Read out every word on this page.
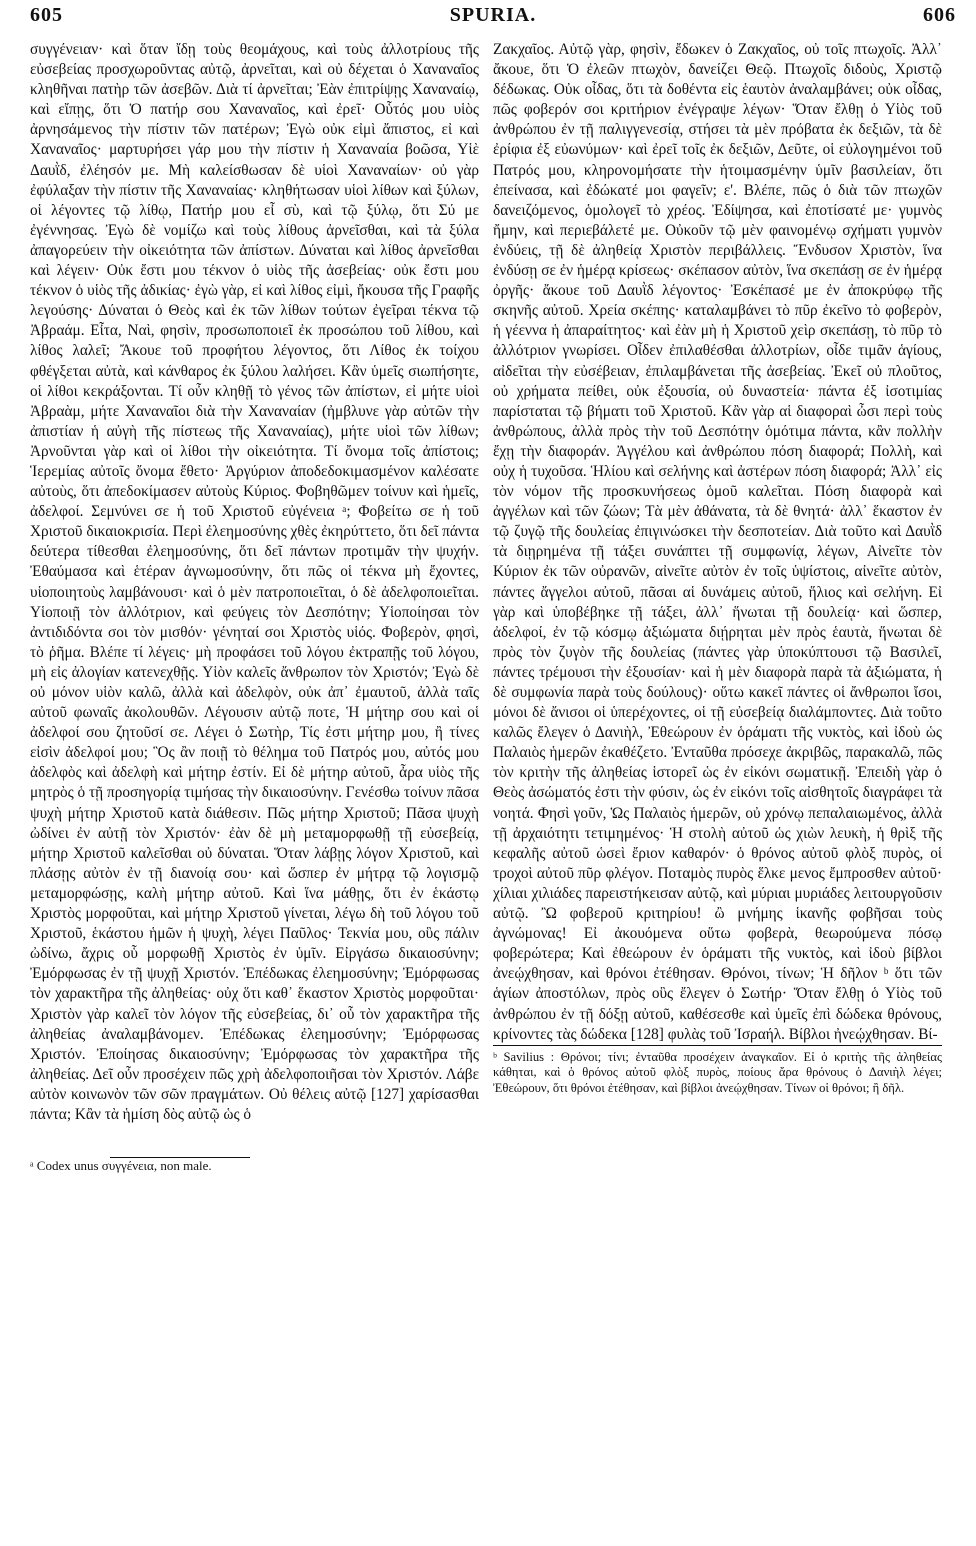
605	SPURIA.	606

συγγένειαν· καὶ ὅταν ἴδῃ τοὺς θεομάχους, καὶ τοὺς ἀλλοτρίους τῆς εὐσεβείας προσχωροῦντας αὐτῷ, ἀρνεῖται, καὶ οὐ δέχεται ὁ Χαναναῖος κληθῆναι πατὴρ τῶν ἀσεβῶν. Διὰ τί ἀρνεῖται; Ἐὰν ἐπιτρίψῃς Χαναναίῳ, καὶ εἴπῃς, ὅτι Ὁ πατήρ σου Χαναναῖος, καὶ ἐρεῖ· Οὗτός μου υἱὸς ἀρνησάμενος τὴν πίστιν τῶν πατέρων; Ἐγὼ οὐκ εἰμὶ ἄπιστος, εἰ καὶ Χαναναῖος· μαρτυρήσει γάρ μου τὴν πίστιν ἡ Χαναναία βοῶσα, Υἱὲ Δαυῒδ, ἐλέησόν με. Μὴ καλείσθωσαν δὲ υἱοὶ Χαναναίων· οὐ γὰρ ἐφύλαξαν τὴν πίστιν τῆς Χαναναίας· κληθήτωσαν υἱοὶ λίθων καὶ ξύλων, οἱ λέγοντες τῷ λίθῳ, Πατήρ μου εἶ σὺ, καὶ τῷ ξύλῳ, ὅτι Σύ με ἐγέννησας. Ἐγὼ δὲ νομίζω καὶ τοὺς λίθους ἀρνεῖσθαι, καὶ τὰ ξύλα ἀπαγορεύειν τὴν οἰκειότητα τῶν ἀπίστων. Δύναται καὶ λίθος ἀρνεῖσθαι καὶ λέγειν· Οὐκ ἔστι μου τέκνον ὁ υἱὸς τῆς ἀσεβείας· οὐκ ἔστι μου τέκνον ὁ υἱὸς τῆς ἀδικίας· ἐγὼ γὰρ, εἰ καὶ λίθος εἰμὶ, ἤκουσα τῆς Γραφῆς λεγούσης· Δύναται ὁ Θεὸς καὶ ἐκ τῶν λίθων τούτων ἐγεῖραι τέκνα τῷ Ἀβραάμ. Εἶτα, Ναὶ, φησὶν, προσωποποιεῖ ἐκ προσώπου τοῦ λίθου, καὶ λίθος λαλεῖ; Ἄκουε τοῦ προφήτου λέγοντος, ὅτι Λίθος ἐκ τοίχου φθέγξεται αὐτὰ, καὶ κάνθαρος ἐκ ξύλου λαλήσει. Κἂν ὑμεῖς σιωπήσητε, οἱ λίθοι κεκράξονται. Τί οὖν κληθῇ τὸ γένος τῶν ἀπίστων, εἰ μήτε υἱοὶ Ἀβραὰμ, μήτε Χαναναῖοι διὰ τὴν Χαναναίαν (ἠμβλυνε γὰρ αὐτῶν τὴν ἀπιστίαν ἡ αὐγὴ τῆς πίστεως τῆς Χαναναίας), μήτε υἱοὶ τῶν λίθων; Ἀρνοῦνται γὰρ καὶ οἱ λίθοι τὴν οἰκειότητα. Τί ὄνομα τοῖς ἀπίστοις; Ἱερεμίας αὐτοῖς ὄνομα ἔθετο· Ἀργύριον ἀποδεδοκιμασμένον καλέσατε αὐτοὺς, ὅτι ἀπεδοκίμασεν αὐτοὺς Κύριος. Φοβηθῶμεν τοίνυν καὶ ἡμεῖς, ἀδελφοί. Σεμνύνει σε ἡ τοῦ Χριστοῦ εὐγένεια ᵃ; Φοβείτω σε ἡ τοῦ Χριστοῦ δικαιοκρισία. Περὶ ἐλεημοσύνης χθὲς ἐκηρύττετο, ὅτι δεῖ πάντα δεύτερα τίθεσθαι ἐλεημοσύνης, ὅτι δεῖ πάντων προτιμᾶν τὴν ψυχήν. Ἐθαύμασα καὶ ἑτέραν ἀγνωμοσύνην, ὅτι πῶς οἱ τέκνα μὴ ἔχοντες, υἱοποιητοὺς λαμβάνουσι· καὶ ὁ μὲν πατροποιεῖται, ὁ δὲ ἀδελφοποιεῖται. Υἱοποιῇ τὸν ἀλλότριον, καὶ φεύγεις τὸν Δεσπότην; Υἱοποίησαι τὸν ἀντιδιδόντα σοι τὸν μισθόν· γένηταί σοι Χριστὸς υἱός. Φοβερὸν, φησὶ, τὸ ῥῆμα. Βλέπε τί λέγεις· μὴ προφάσει τοῦ λόγου ἐκτραπῇς τοῦ λόγου, μὴ εἰς ἀλογίαν κατενεχθῇς. Υἱὸν καλεῖς ἄνθρωπον τὸν Χριστόν; Ἐγὼ δὲ οὐ μόνον υἱὸν καλῶ, ἀλλὰ καὶ ἀδελφὸν, οὐκ ἀπ᾽ ἐμαυτοῦ, ἀλλὰ ταῖς αὐτοῦ φωναῖς ἀκολουθῶν. Λέγουσιν αὐτῷ ποτε, Ἡ μήτηρ σου καὶ οἱ ἀδελφοί σου ζητοῦσί σε. Λέγει ὁ Σωτὴρ, Τίς ἐστι μήτηρ μου, ἢ τίνες εἰσὶν ἀδελφοί μου; Ὃς ἂν ποιῇ τὸ θέλημα τοῦ Πατρός μου, αὐτός μου ἀδελφὸς καὶ ἀδελφὴ καὶ μήτηρ ἐστίν. Εἰ δὲ μήτηρ αὐτοῦ, ἆρα υἱὸς τῆς μητρὸς ὁ τῇ προσηγορίᾳ τιμήσας τὴν δικαιοσύνην. Γενέσθω τοίνυν πᾶσα ψυχὴ μήτηρ Χριστοῦ κατὰ διάθεσιν. Πῶς μήτηρ Χριστοῦ; Πᾶσα ψυχὴ ὠδίνει ἐν αὐτῇ τὸν Χριστόν· ἐὰν δὲ μὴ μεταμορφωθῇ τῇ εὐσεβείᾳ, μήτηρ Χριστοῦ καλεῖσθαι οὐ δύναται. Ὅταν λάβῃς λόγον Χριστοῦ, καὶ πλάσῃς αὐτὸν ἐν τῇ διανοίᾳ σου· καὶ ὥσπερ ἐν μήτρᾳ τῷ λογισμῷ μεταμορφώσῃς, καλὴ μήτηρ αὐτοῦ. Καὶ ἵνα μάθῃς, ὅτι ἐν ἑκάστῳ Χριστὸς μορφοῦται, καὶ μήτηρ Χριστοῦ γίνεται, λέγω δὴ τοῦ λόγου τοῦ Χριστοῦ, ἑκάστου ἡμῶν ἡ ψυχὴ, λέγει Παῦλος· Τεκνία μου, οὓς πάλιν ὠδίνω, ἄχρις οὗ μορφωθῇ Χριστὸς ἐν ὑμῖν. Εἰργάσω δικαιοσύνην; Ἐμόρφωσας ἐν τῇ ψυχῇ Χριστόν. Ἐπέδωκας ἐλεημοσύνην; Ἐμόρφωσας τὸν χαρακτῆρα τῆς ἀληθείας· οὐχ ὅτι καθ᾽ ἕκαστον Χριστὸς μορφοῦται· Χριστὸν γὰρ καλεῖ τὸν λόγον τῆς εὐσεβείας, δι᾽ οὗ τὸν χαρακτῆρα τῆς ἀληθείας ἀναλαμβάνομεν. Ἐπέδωκας ἐλεημοσύνην; Ἐμόρφωσας Χριστόν. Ἐποίησας δικαιοσύνην; Ἐμόρφωσας τὸν χαρακτῆρα τῆς ἀληθείας. Δεῖ οὖν προσέχειν πῶς χρὴ ἀδελφοποιῆσαι τὸν Χριστόν. Λάβε αὐτὸν κοινωνὸν τῶν σῶν πραγμάτων. Οὐ θέλεις αὐτῷ [127] χαρίσασθαι πάντα; Κἂν τὰ ἡμίση δὸς αὐτῷ ὡς ὁ

ᵃ Codex unus συγγένεια, non male.

Ζακχαῖος. Αὐτῷ γὰρ, φησὶν, ἔδωκεν ὁ Ζακχαῖος, οὐ τοῖς πτωχοῖς. Ἀλλ᾽ ἄκουε, ὅτι Ὁ ἐλεῶν πτωχὸν, δανείζει Θεῷ. Πτωχοῖς διδοὺς, Χριστῷ δέδωκας. Οὐκ οἶδας, ὅτι τὰ δοθέντα εἰς ἑαυτὸν ἀναλαμβάνει; οὐκ οἶδας, πῶς φοβερόν σοι κριτήριον ἐνέγραψε λέγων· Ὅταν ἔλθῃ ὁ Υἱὸς τοῦ ἀνθρώπου ἐν τῇ παλιγγενεσίᾳ, στήσει τὰ μὲν πρόβατα ἐκ δεξιῶν, τὰ δὲ ἐρίφια ἐξ εὐωνύμων· καὶ ἐρεῖ τοῖς ἐκ δεξιῶν, Δεῦτε, οἱ εὐλογημένοι τοῦ Πατρός μου, κληρονομήσατε τὴν ἡτοιμασμένην ὑμῖν βασιλείαν, ὅτι ἐπείνασα, καὶ ἐδώκατέ μοι φαγεῖν; ε'. Βλέπε, πῶς ὁ διὰ τῶν πτωχῶν δανειζόμενος, ὁμολογεῖ τὸ χρέος. Ἐδίψησα, καὶ ἐποτίσατέ με· γυμνὸς ἤμην, καὶ περιεβάλετέ με. Οὐκοῦν τῷ μὲν φαινομένῳ σχήματι γυμνὸν ἐνδύεις, τῇ δὲ ἀληθείᾳ Χριστὸν περιβάλλεις. Ἔνδυσον Χριστὸν, ἵνα ἐνδύσῃ σε ἐν ἡμέρᾳ κρίσεως· σκέπασον αὐτὸν, ἵνα σκεπάσῃ σε ἐν ἡμέρᾳ ὀργῆς· ἄκουε τοῦ Δαυῒδ λέγοντος· Ἐσκέπασέ με ἐν ἀποκρύφῳ τῆς σκηνῆς αὐτοῦ. Χρεία σκέπης· καταλαμβάνει τὸ πῦρ ἐκεῖνο τὸ φοβερὸν, ἡ γέεννα ἡ ἀπαραίτητος· καὶ ἐὰν μὴ ἡ Χριστοῦ χεὶρ σκεπάσῃ, τὸ πῦρ τὸ ἀλλότριον γνωρίσει. Οἶδεν ἐπιλαθέσθαι ἀλλοτρίων, οἶδε τιμᾶν ἁγίους, αἰδεῖται τὴν εὐσέβειαν, ἐπιλαμβάνεται τῆς ἀσεβείας. Ἐκεῖ οὐ πλοῦτος, οὐ χρήματα πείθει, οὐκ ἐξουσία, οὐ δυναστεία· πάντα ἐξ ἰσοτιμίας παρίσταται τῷ βήματι τοῦ Χριστοῦ. Κἂν γὰρ αἱ διαφοραὶ ὦσι περὶ τοὺς ἀνθρώπους, ἀλλὰ πρὸς τὴν τοῦ Δεσπότην ὁμότιμα πάντα, κἂν πολλὴν ἔχῃ τὴν διαφοράν. Ἀγγέλου καὶ ἀνθρώπου πόση διαφορά; Πολλὴ, καὶ οὐχ ἡ τυχοῦσα. Ἡλίου καὶ σελήνης καὶ ἀστέρων πόση διαφορά; Ἀλλ᾽ εἰς τὸν νόμον τῆς προσκυνήσεως ὁμοῦ καλεῖται. Πόση διαφορὰ καὶ ἀγγέλων καὶ τῶν ζώων; Τὰ μὲν ἀθάνατα, τὰ δὲ θνητά· ἀλλ᾽ ἕκαστον ἐν τῷ ζυγῷ τῆς δουλείας ἐπιγινώσκει τὴν δεσποτείαν. Διὰ τοῦτο καὶ Δαυῒδ τὰ διῃρημένα τῇ τάξει συνάπτει τῇ συμφωνίᾳ, λέγων, Αἰνεῖτε τὸν Κύριον ἐκ τῶν οὐρανῶν, αἰνεῖτε αὐτὸν ἐν τοῖς ὑψίστοις, αἰνεῖτε αὐτὸν, πάντες ἄγγελοι αὐτοῦ, πᾶσαι αἱ δυνάμεις αὐτοῦ, ἥλιος καὶ σελήνη. Εἰ γὰρ καὶ ὑποβέβηκε τῇ τάξει, ἀλλ᾽ ἥνωται τῇ δουλείᾳ· καὶ ὥσπερ, ἀδελφοί, ἐν τῷ κόσμῳ ἀξιώματα διῄρηται μὲν πρὸς ἑαυτὰ, ἥνωται δὲ πρὸς τὸν ζυγὸν τῆς δουλείας (πάντες γὰρ ὑποκύπτουσι τῷ Βασιλεῖ, πάντες τρέμουσι τὴν ἐξουσίαν· καὶ ἡ μὲν διαφορὰ παρὰ τὰ ἀξιώματα, ἡ δὲ συμφωνία παρὰ τοὺς δούλους)· οὕτω κακεῖ πάντες οἱ ἄνθρωποι ἴσοι, μόνοι δὲ ἄνισοι οἱ ὑπερέχοντες, οἱ τῇ εὐσεβείᾳ διαλάμποντες. Διὰ τοῦτο καλῶς ἔλεγεν ὁ Δανιὴλ, Ἐθεώρουν ἐν ὁράματι τῆς νυκτὸς, καὶ ἰδοὺ ὡς Παλαιὸς ἡμερῶν ἐκαθέζετο. Ἐνταῦθα πρόσεχε ἀκριβῶς, παρακαλῶ, πῶς τὸν κριτὴν τῆς ἀληθείας ἱστορεῖ ὡς ἐν εἰκόνι σωματικῇ. Ἐπειδὴ γὰρ ὁ Θεὸς ἀσώματός ἐστι τὴν φύσιν, ὡς ἐν εἰκόνι τοῖς αἰσθητοῖς διαγράφει τὰ νοητά. Φησὶ γοῦν, Ὡς Παλαιὸς ἡμερῶν, οὐ χρόνῳ πεπαλαιωμένος, ἀλλὰ τῇ ἀρχαιότητι τετιμημένος· Ἡ στολὴ αὐτοῦ ὡς χιὼν λευκὴ, ἡ θρὶξ τῆς κεφαλῆς αὐτοῦ ὡσεὶ ἔριον καθαρόν· ὁ θρόνος αὐτοῦ φλὸξ πυρὸς, οἱ τροχοὶ αὐτοῦ πῦρ φλέγον. Ποταμὸς πυρὸς ἕλκε μενος ἔμπροσθεν αὐτοῦ· χίλιαι χιλιάδες παρειστήκεισαν αὐτῷ, καὶ μύριαι μυριάδες λειτουργοῦσιν αὐτῷ. Ὢ φοβεροῦ κριτηρίου! ὢ μνήμης ἱκανῆς φοβῆσαι τοὺς ἀγνώμονας! Εἰ ἀκουόμενα οὕτω φοβερὰ, θεωρούμενα πόσῳ φοβερώτερα; Καὶ ἐθεώρουν ἐν ὁράματι τῆς νυκτὸς, καὶ ἰδοὺ βίβλοι ἀνεῴχθησαν, καὶ θρόνοι ἐτέθησαν. Θρόνοι, τίνων; Ἡ δῆλον ᵇ ὅτι τῶν ἁγίων ἀποστόλων, πρὸς οὓς ἔλεγεν ὁ Σωτήρ· Ὅταν ἔλθῃ ὁ Υἱὸς τοῦ ἀνθρώπου ἐν τῇ δόξῃ αὐτοῦ, καθέσεσθε καὶ ὑμεῖς ἐπὶ δώδεκα θρόνους, κρίνοντες τὰς δώδεκα [128] φυλὰς τοῦ Ἰσραήλ. Βίβλοι ἠνεῴχθησαν. Βί-

ᵇ Savilius : Θρόνοι; τίνι; ἐνταῦθα προσέχειν ἀναγκαῖον. Εἰ ὁ κριτὴς τῆς ἀληθείας κάθηται, καὶ ὁ θρόνος αὐτοῦ φλὸξ πυρὸς, ποίους ἄρα θρόνους ὁ Δανιὴλ λέγει; Ἐθεώρουν, ὅτι θρόνοι ἐτέθησαν, καὶ βίβλοι ἀνεῴχθησαν. Τίνων οἱ θρόνοι; ἢ δῆλ.
